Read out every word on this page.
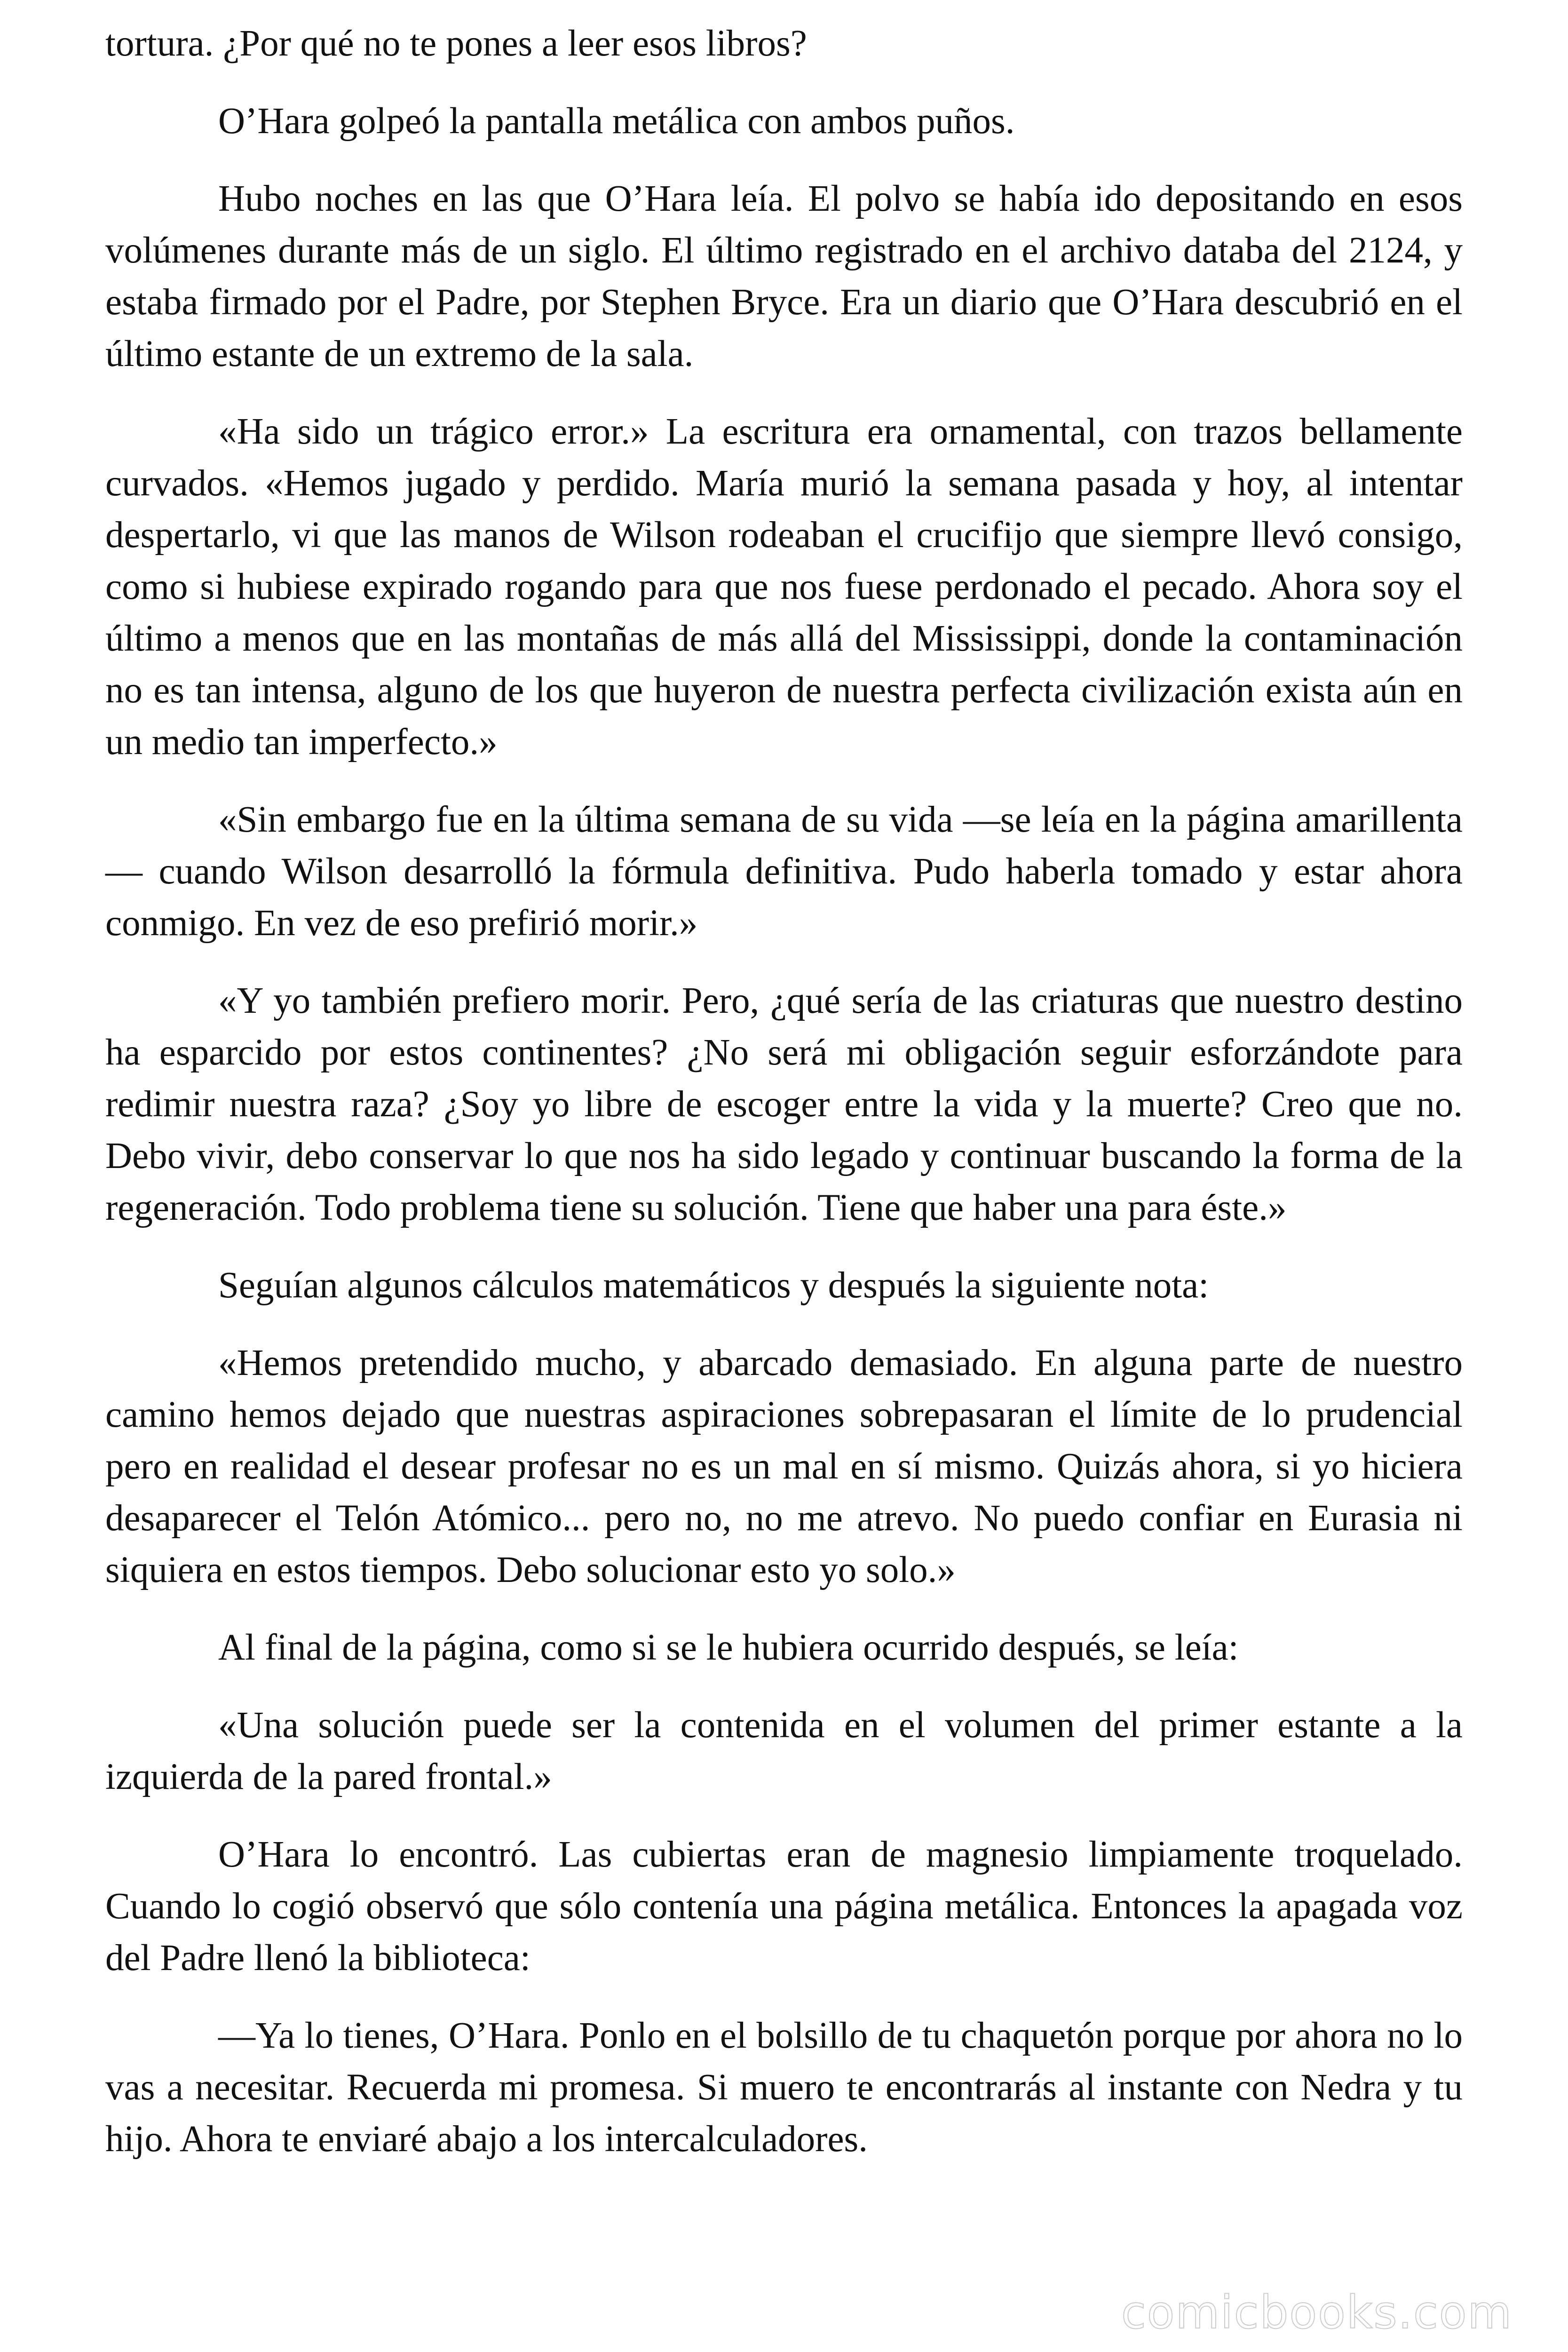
tortura. ¿Por qué no te pones a leer esos libros?

O’Hara golpeó la pantalla metálica con ambos puños.

Hubo noches en las que O’Hara leía. El polvo se había ido depositando en esos volúmenes durante más de un siglo. El último registrado en el archivo databa del 2124, y estaba firmado por el Padre, por Stephen Bryce. Era un diario que O’Hara descubrió en el último estante de un extremo de la sala.

«Ha sido un trágico error.» La escritura era ornamental, con trazos bellamente curvados. «Hemos jugado y perdido. María murió la semana pasada y hoy, al intentar despertarlo, vi que las manos de Wilson rodeaban el crucifijo que siempre llevó consigo, como si hubiese expirado rogando para que nos fuese perdonado el pecado. Ahora soy el último a menos que en las montañas de más allá del Mississippi, donde la contaminación no es tan intensa, alguno de los que huyeron de nuestra perfecta civilización exista aún en un medio tan imperfecto.»

«Sin embargo fue en la última semana de su vida —se leía en la página amarillenta— cuando Wilson desarrolló la fórmula definitiva. Pudo haberla tomado y estar ahora conmigo. En vez de eso prefirió morir.»

«Y yo también prefiero morir. Pero, ¿qué sería de las criaturas que nuestro destino ha esparcido por estos continentes? ¿No será mi obligación seguir esforzándote para redimir nuestra raza? ¿Soy yo libre de escoger entre la vida y la muerte? Creo que no. Debo vivir, debo conservar lo que nos ha sido legado y continuar buscando la forma de la regeneración. Todo problema tiene su solución. Tiene que haber una para éste.»

Seguían algunos cálculos matemáticos y después la siguiente nota:

«Hemos pretendido mucho, y abarcado demasiado. En alguna parte de nuestro camino hemos dejado que nuestras aspiraciones sobrepasaran el límite de lo prudencial pero en realidad el desear profesar no es un mal en sí mismo. Quizás ahora, si yo hiciera desaparecer el Telón Atómico... pero no, no me atrevo. No puedo confiar en Eurasia ni siquiera en estos tiempos. Debo solucionar esto yo solo.»

Al final de la página, como si se le hubiera ocurrido después, se leía:

«Una solución puede ser la contenida en el volumen del primer estante a la izquierda de la pared frontal.»

O’Hara lo encontró. Las cubiertas eran de magnesio limpiamente troquelado. Cuando lo cogió observó que sólo contenía una página metálica. Entonces la apagada voz del Padre llenó la biblioteca:

—Ya lo tienes, O’Hara. Ponlo en el bolsillo de tu chaquetón porque por ahora no lo vas a necesitar. Recuerda mi promesa. Si muero te encontrarás al instante con Nedra y tu hijo. Ahora te enviaré abajo a los intercalculadores.

comicbooks.com
